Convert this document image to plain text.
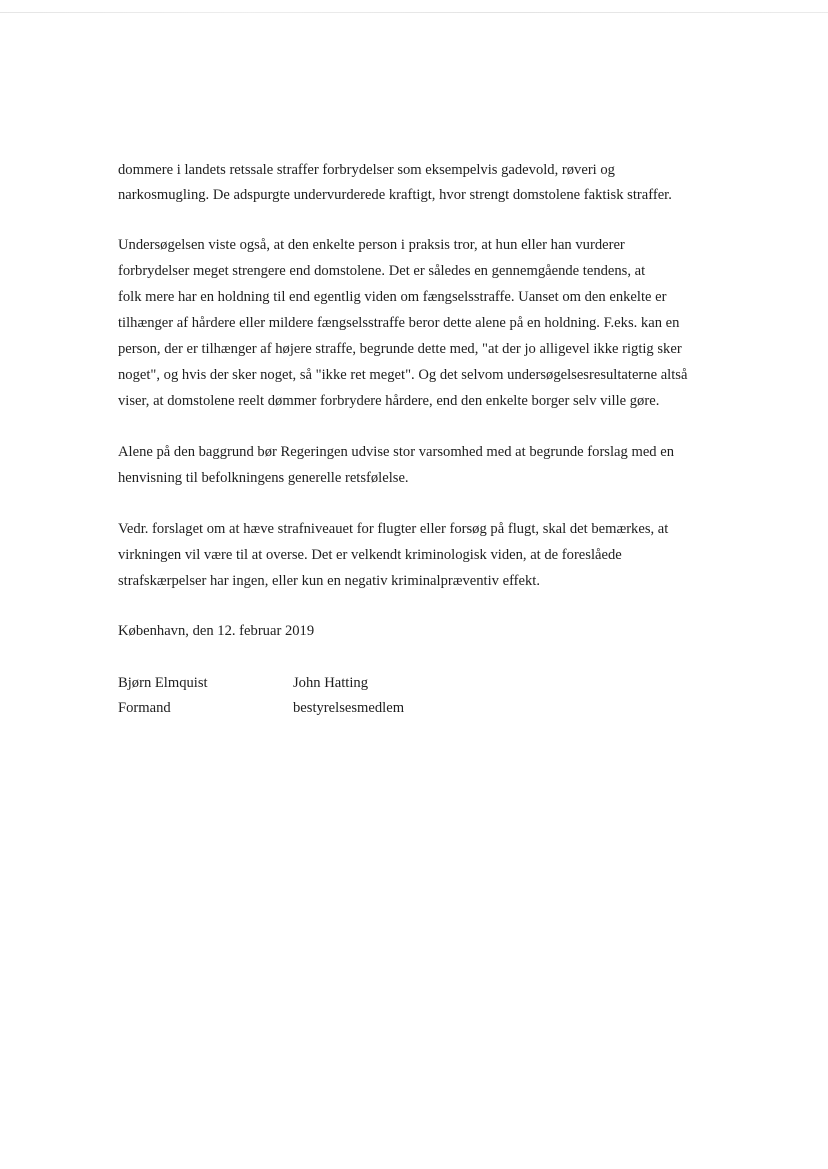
dommere i landets retssale straffer forbrydelser som eksempelvis gadevold, røveri og
narkosmugling. De adspurgte undervurderede kraftigt, hvor strengt domstolene faktisk straffer.
Undersøgelsen viste også, at den enkelte person i praksis tror, at hun eller han vurderer
forbrydelser meget strengere end domstolene. Det er således en gennemgående tendens, at
folk mere har en holdning til end egentlig viden om fængselsstraffe. Uanset om den enkelte er
tilhænger af hårdere eller mildere fængselsstraffe beror dette alene på en holdning. F.eks. kan en
person, der er tilhænger af højere straffe, begrunde dette med, "at der jo alligevel ikke rigtig sker
noget", og hvis der sker noget, så "ikke ret meget". Og det selvom undersøgelsesresultaterne altså
viser, at domstolene reelt dømmer forbrydere hårdere, end den enkelte borger selv ville gøre.
Alene på den baggrund bør Regeringen udvise stor varsomhed med at begrunde forslag med en
henvisning til befolkningens generelle retsfølelse.
Vedr. forslaget om at hæve strafniveauet for flugter eller forsøg på flugt, skal det bemærkes, at
virkningen vil være til at overse. Det er velkendt kriminologisk viden, at de foreslåede
strafskærpelser har ingen, eller kun en negativ kriminalpræventiv effekt.
København, den 12. februar 2019
Bjørn Elmquist
Formand
John Hatting
bestyrelsesmedlem
